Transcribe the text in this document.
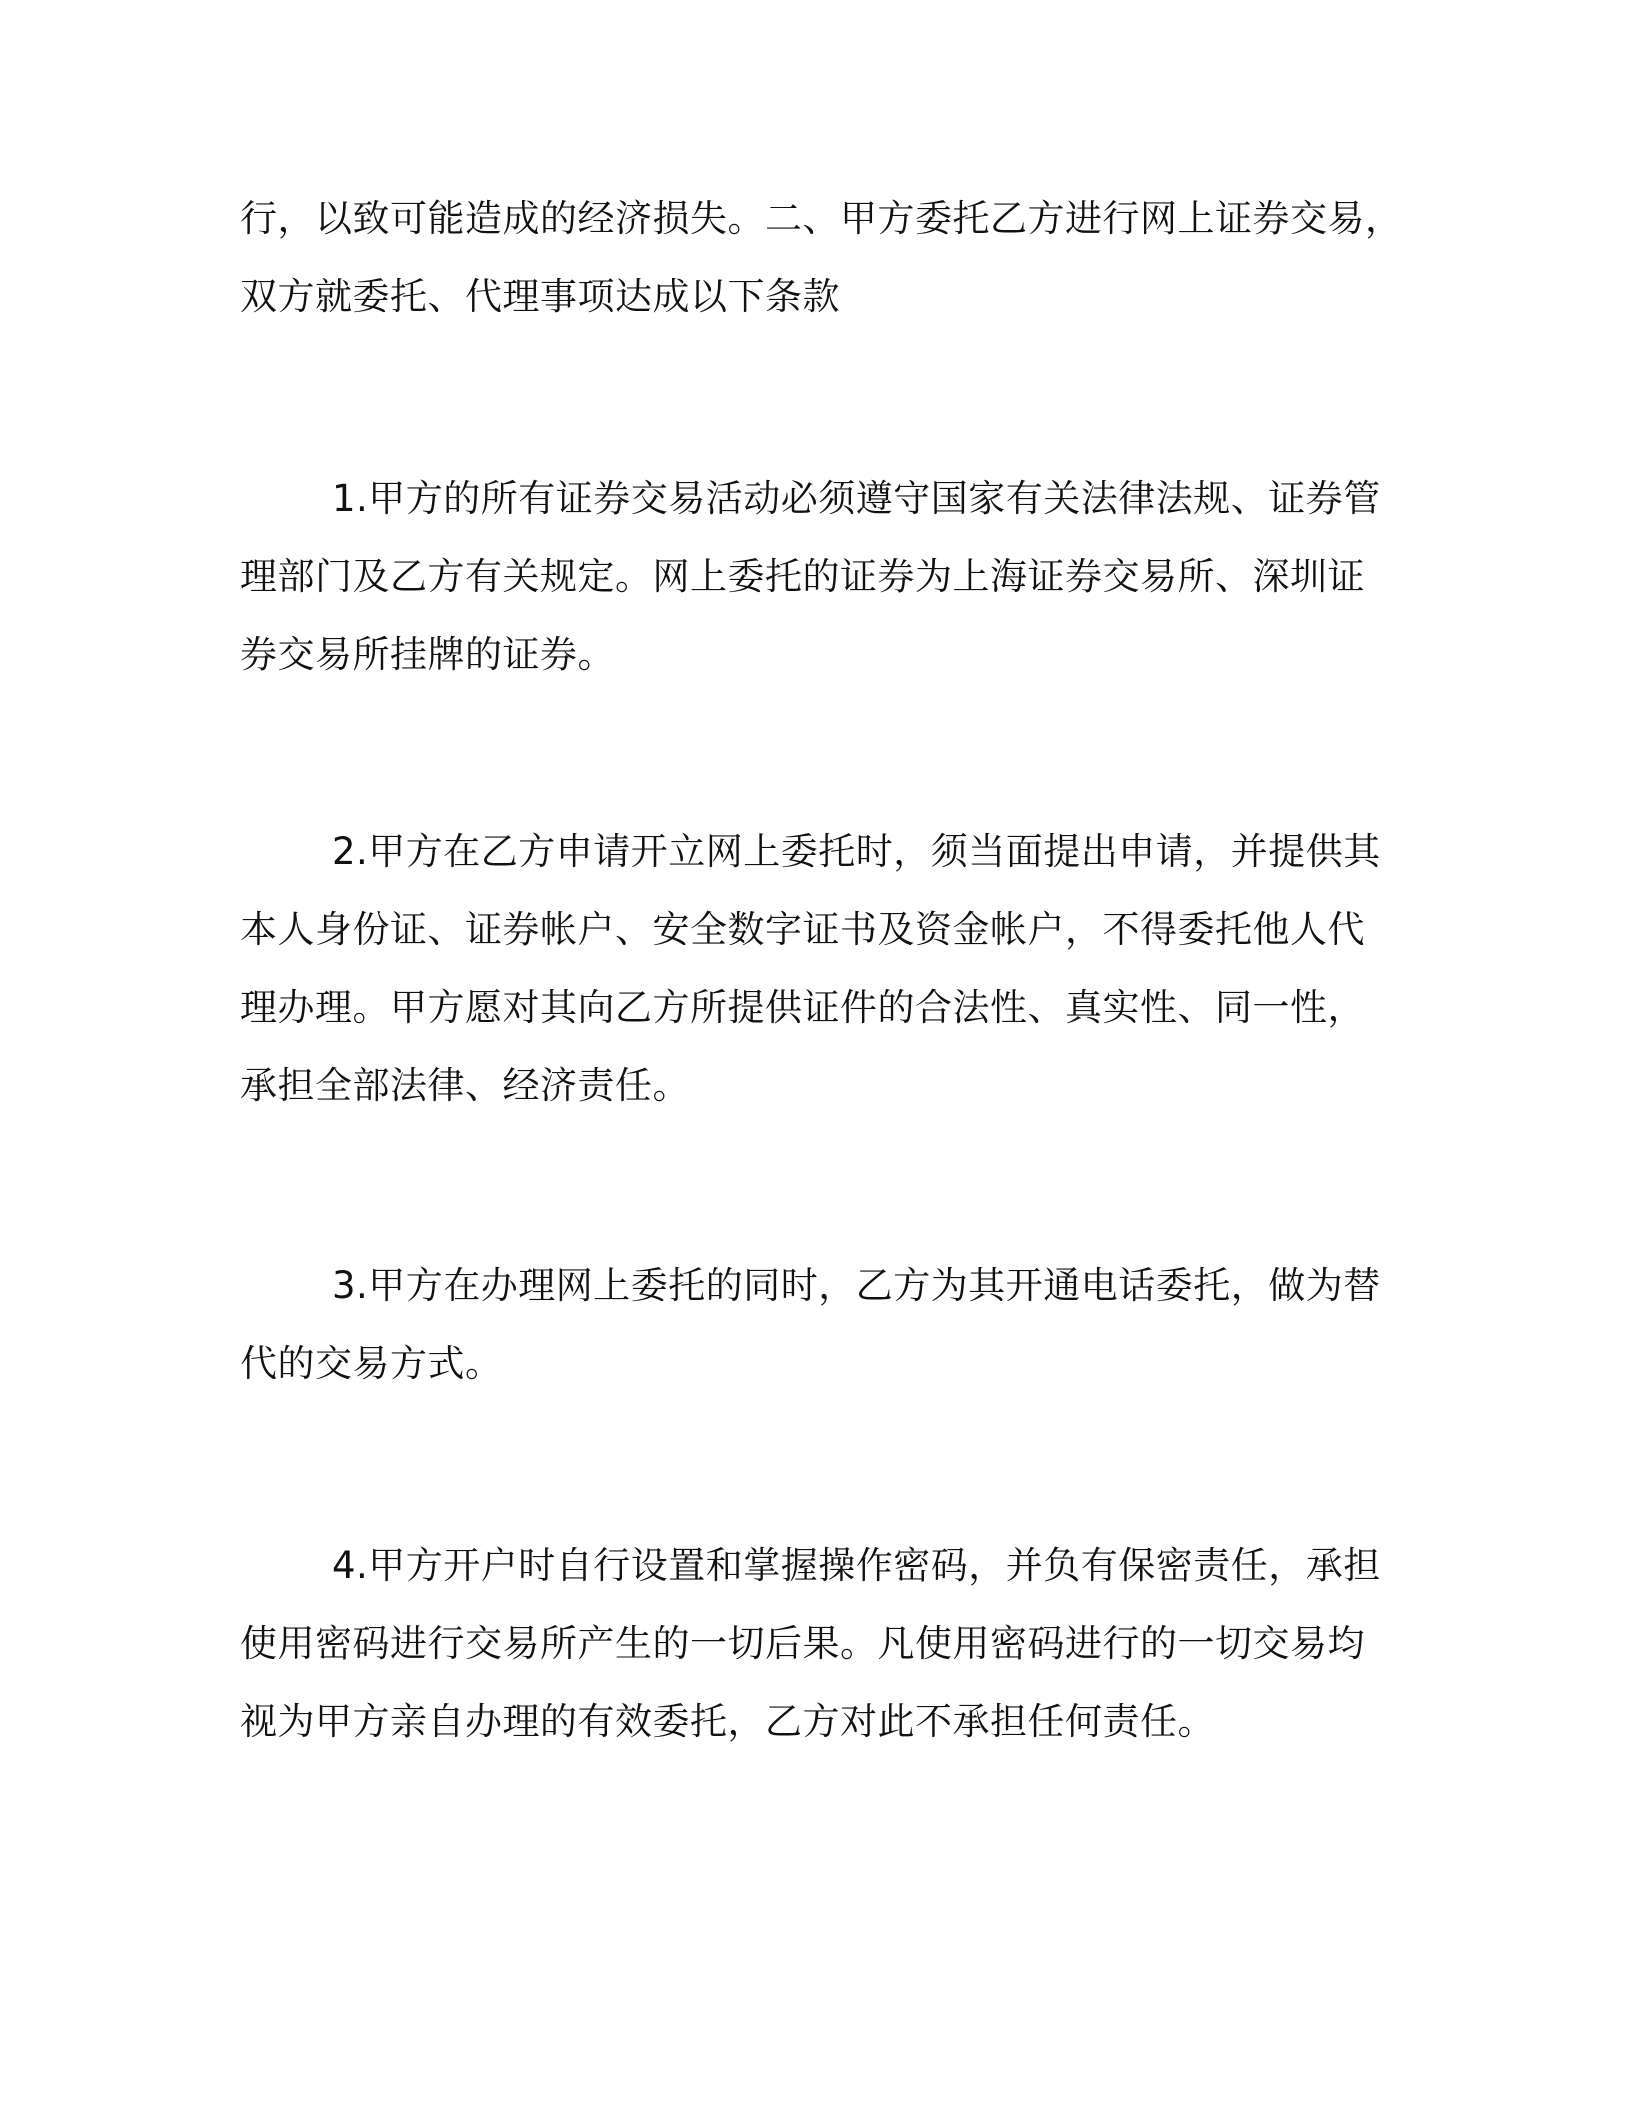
行，以致可能造成的经济损失。二、甲方委托乙方进行网上证券交易，
双方就委托、代理事项达成以下条款

1.甲方的所有证券交易活动必须遵守国家有关法律法规、证券管
理部门及乙方有关规定。网上委托的证券为上海证券交易所、深圳证
券交易所挂牌的证券。

2.甲方在乙方申请开立网上委托时，须当面提出申请，并提供其
本人身份证、证券帐户、安全数字证书及资金帐户，不得委托他人代
理办理。甲方愿对其向乙方所提供证件的合法性、真实性、同一性，
承担全部法律、经济责任。

3.甲方在办理网上委托的同时，乙方为其开通电话委托，做为替
代的交易方式。

4.甲方开户时自行设置和掌握操作密码，并负有保密责任，承担
使用密码进行交易所产生的一切后果。凡使用密码进行的一切交易均
视为甲方亲自办理的有效委托，乙方对此不承担任何责任。
